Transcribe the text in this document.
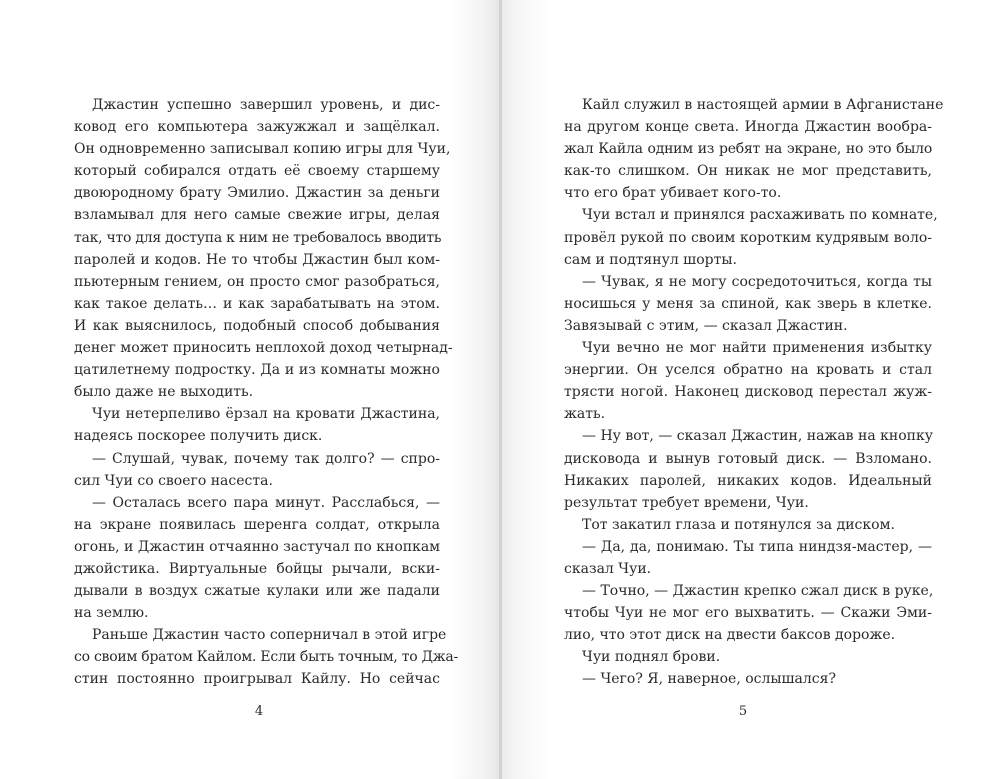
Джастин успешно завершил уровень, и дис-
ковод его компьютера зажужжал и защёлкал.
Он одновременно записывал копию игры для Чуи,
который собирался отдать её своему старшему
двоюродному брату Эмилио. Джастин за деньги
взламывал для него самые свежие игры, делая
так, что для доступа к ним не требовалось вводить
паролей и кодов. Не то чтобы Джастин был ком-
пьютерным гением, он просто смог разобраться,
как такое делать… и как зарабатывать на этом.
И как выяснилось, подобный способ добывания
денег может приносить неплохой доход четырнад-
цатилетнему подростку. Да и из комнаты можно
было даже не выходить.
Чуи нетерпеливо ёрзал на кровати Джастина,
надеясь поскорее получить диск.
— Слушай, чувак, почему так долго? — спро-
сил Чуи со своего насеста.
— Осталась всего пара минут. Расслабься, —
на экране появилась шеренга солдат, открыла
огонь, и Джастин отчаянно застучал по кнопкам
джойстика. Виртуальные бойцы рычали, вски-
дывали в воздух сжатые кулаки или же падали
на землю.
Раньше Джастин часто соперничал в этой игре
со своим братом Кайлом. Если быть точным, то Джа-
стин постоянно проигрывал Кайлу. Но сейчас
4
Кайл служил в настоящей армии в Афганистане
на другом конце света. Иногда Джастин вообра-
жал Кайла одним из ребят на экране, но это было
как-то слишком. Он никак не мог представить,
что его брат убивает кого-то.
Чуи встал и принялся расхаживать по комнате,
провёл рукой по своим коротким кудрявым воло-
сам и подтянул шорты.
— Чувак, я не могу сосредоточиться, когда ты
носишься у меня за спиной, как зверь в клетке.
Завязывай с этим, — сказал Джастин.
Чуи вечно не мог найти применения избытку
энергии. Он уселся обратно на кровать и стал
трясти ногой. Наконец дисковод перестал жуж-
жать.
— Ну вот, — сказал Джастин, нажав на кнопку
дисковода и вынув готовый диск. — Взломано.
Никаких паролей, никаких кодов. Идеальный
результат требует времени, Чуи.
Тот закатил глаза и потянулся за диском.
— Да, да, понимаю. Ты типа ниндзя-мастер, —
сказал Чуи.
— Точно, — Джастин крепко сжал диск в руке,
чтобы Чуи не мог его выхватить. — Скажи Эми-
лио, что этот диск на двести баксов дороже.
Чуи поднял брови.
— Чего? Я, наверное, ослышался?
5
